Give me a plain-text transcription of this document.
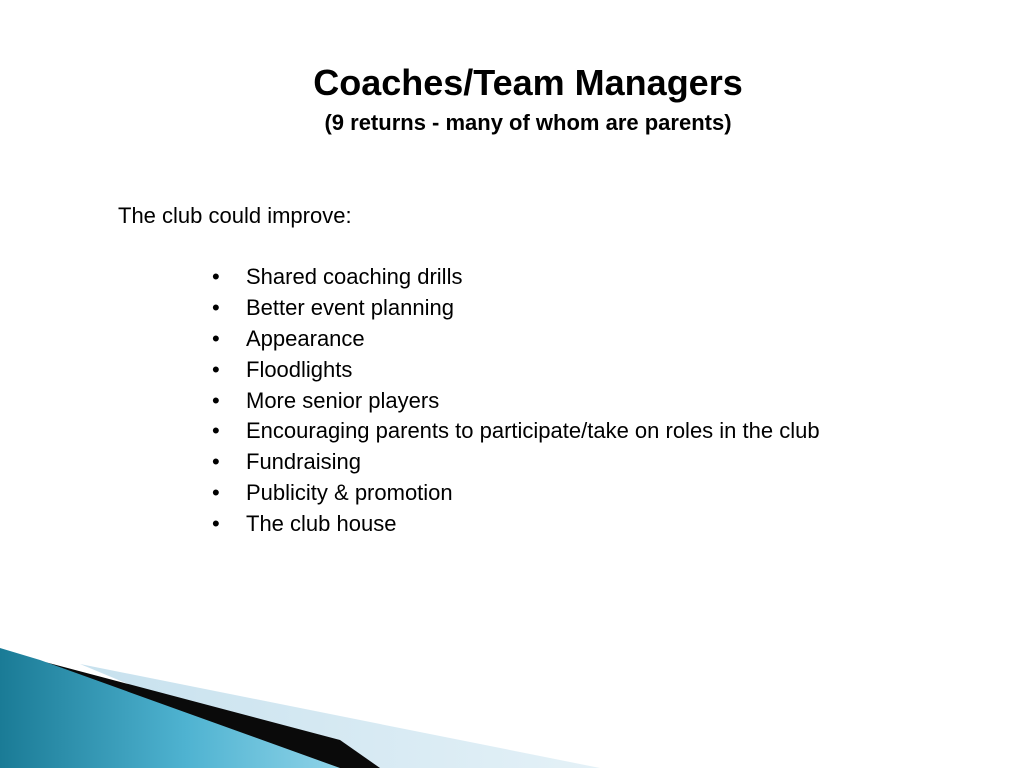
Coaches/Team Managers
(9 returns - many of whom are parents)
The club could improve:
• Shared coaching drills
• Better event planning
• Appearance
• Floodlights
• More senior players
• Encouraging parents to participate/take on roles in the club
• Fundraising
• Publicity & promotion
• The club house
